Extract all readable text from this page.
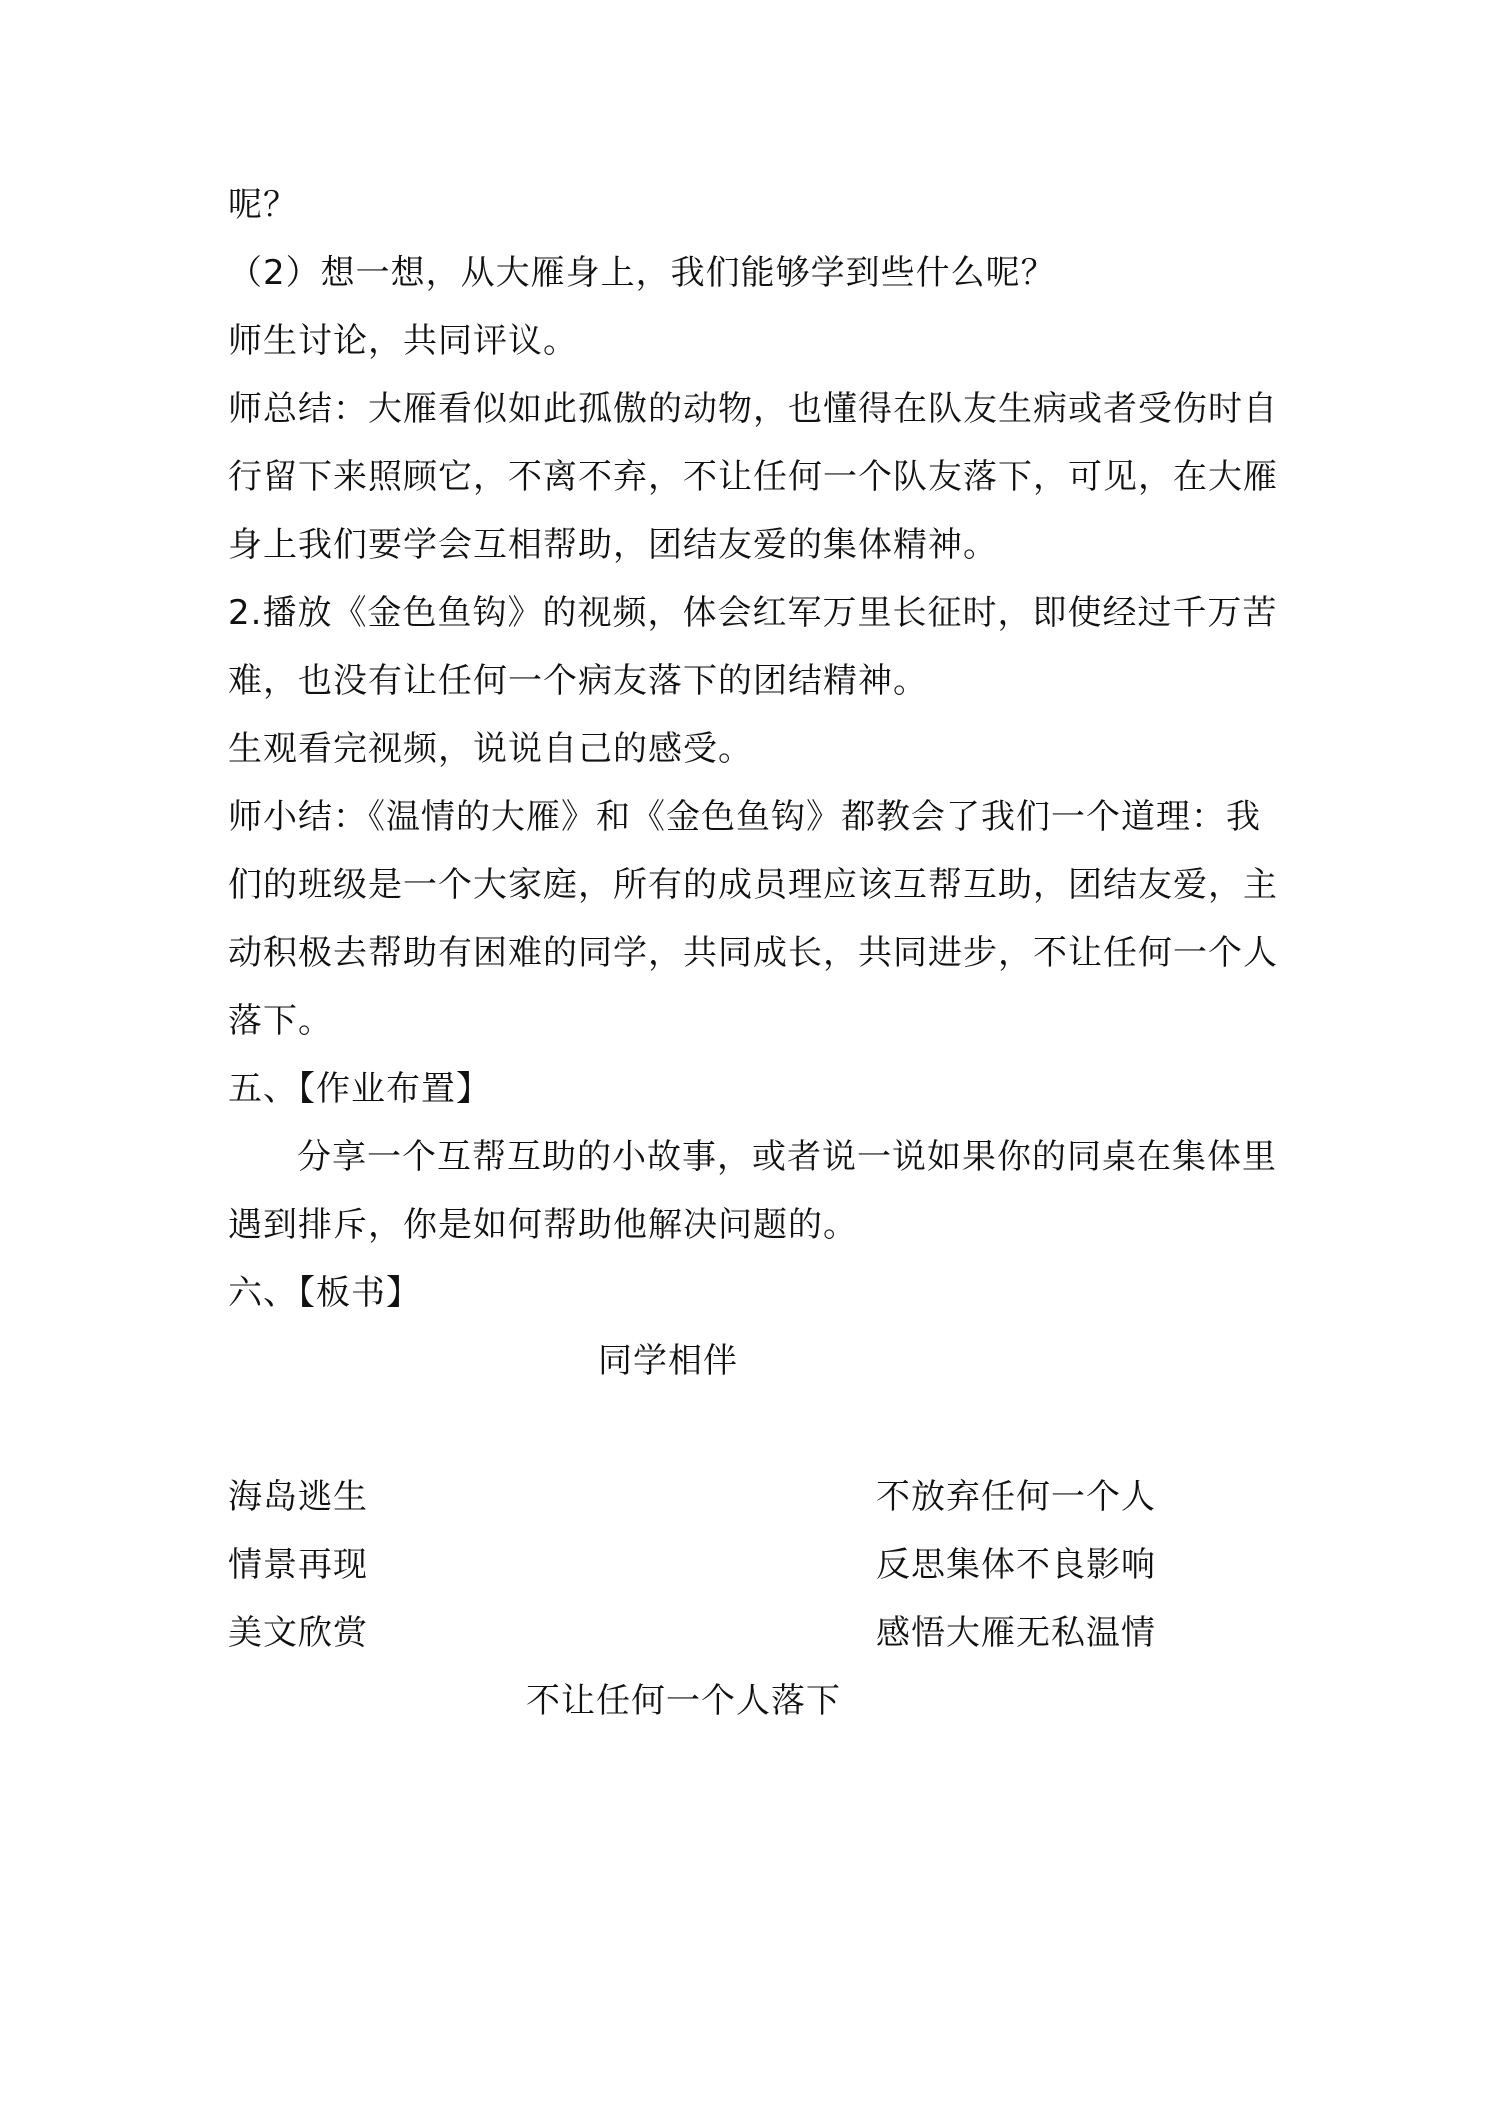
呢？
（2）想一想，从大雁身上，我们能够学到些什么呢？
师生讨论，共同评议。
师总结：大雁看似如此孤傲的动物，也懂得在队友生病或者受伤时自
行留下来照顾它，不离不弃，不让任何一个队友落下，可见，在大雁
身上我们要学会互相帮助，团结友爱的集体精神。
2.播放《金色鱼钩》的视频，体会红军万里长征时，即使经过千万苦
难，也没有让任何一个病友落下的团结精神。
生观看完视频，说说自己的感受。
师小结：《温情的大雁》和《金色鱼钩》都教会了我们一个道理：我
们的班级是一个大家庭，所有的成员理应该互帮互助，团结友爱，主
动积极去帮助有困难的同学，共同成长，共同进步，不让任何一个人
落下。
五、【作业布置】
分享一个互帮互助的小故事，或者说一说如果你的同桌在集体里
遇到排斥，你是如何帮助他解决问题的。
六、【板书】
同学相伴
海岛逃生
情景再现
美文欣赏
不放弃任何一个人
反思集体不良影响
感悟大雁无私温情
不让任何一个人落下
